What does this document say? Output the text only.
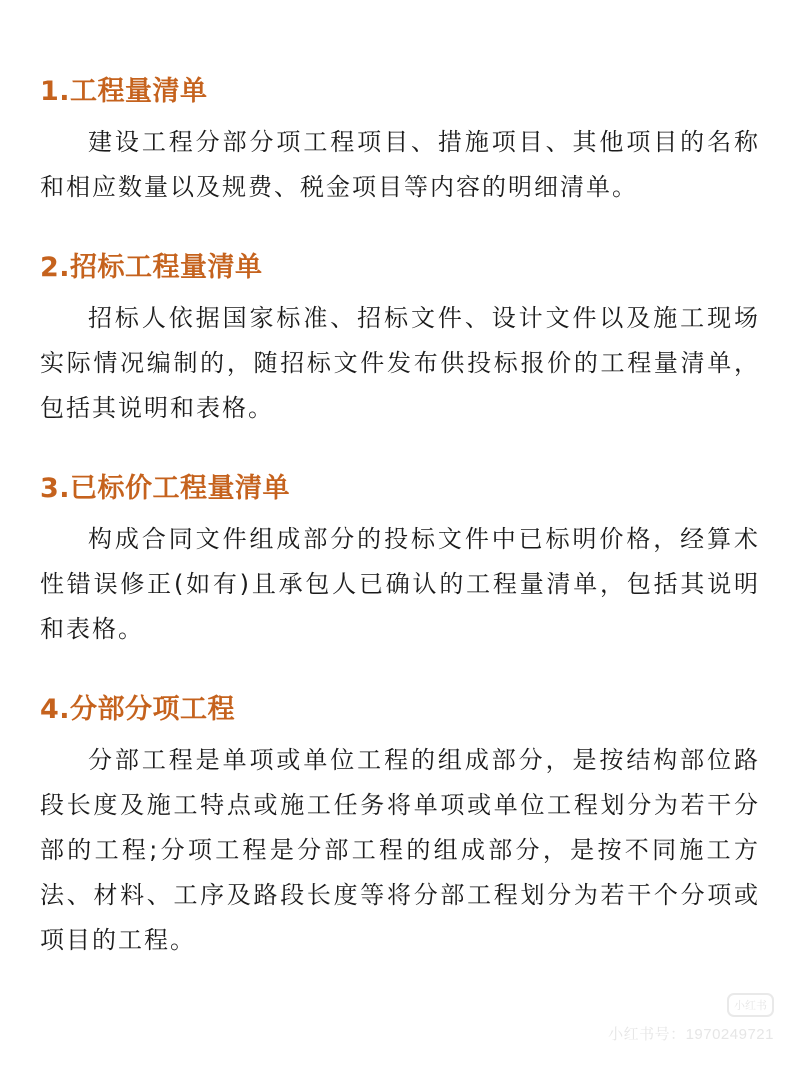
1.工程量清单

建设工程分部分项工程项目、措施项目、其他项目的名称和相应数量以及规费、税金项目等内容的明细清单。

2.招标工程量清单

招标人依据国家标准、招标文件、设计文件以及施工现场实际情况编制的，随招标文件发布供投标报价的工程量清单，包括其说明和表格。

3.已标价工程量清单

构成合同文件组成部分的投标文件中已标明价格，经算术性错误修正(如有)且承包人已确认的工程量清单，包括其说明和表格。

4.分部分项工程

分部工程是单项或单位工程的组成部分，是按结构部位路段长度及施工特点或施工任务将单项或单位工程划分为若干分部的工程;分项工程是分部工程的组成部分，是按不同施工方法、材料、工序及路段长度等将分部工程划分为若干个分项或项目的工程。

小红书
小红书号：1970249721
